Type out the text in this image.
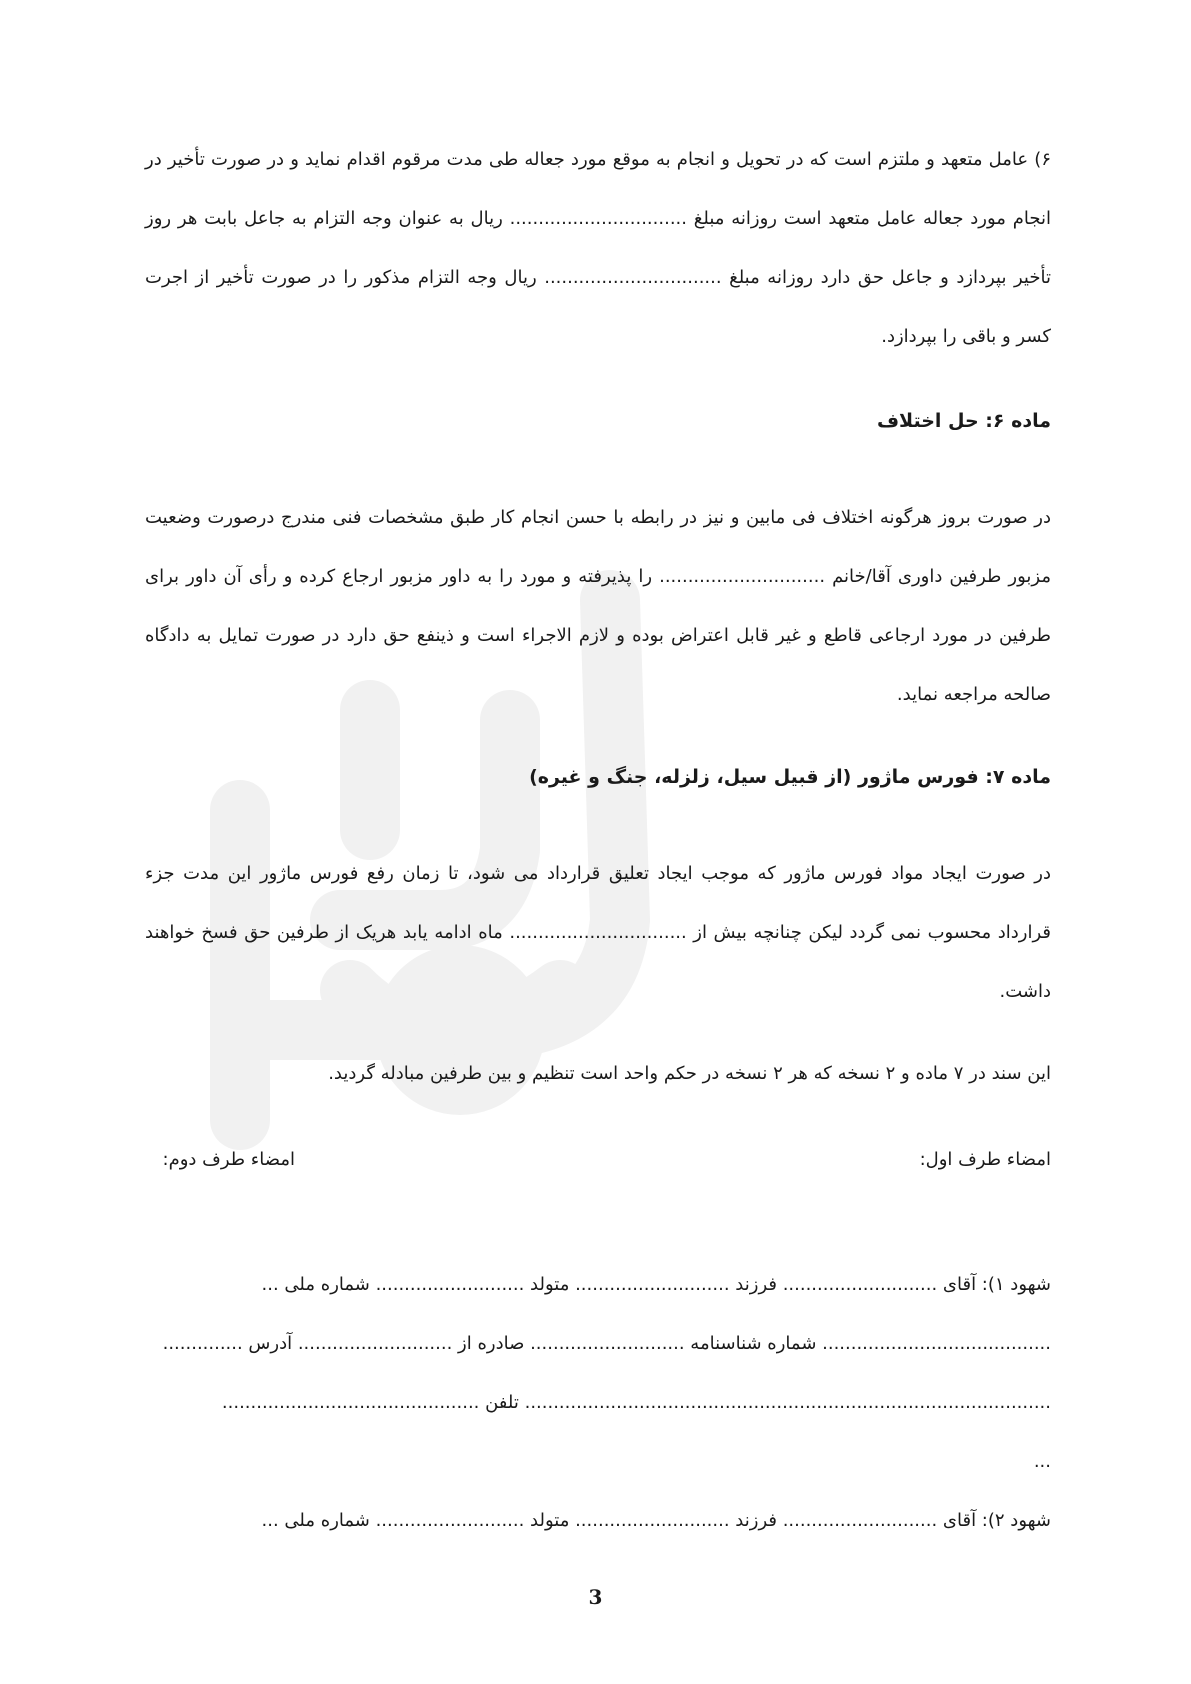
۶) عامل متعهد و ملتزم است که در تحویل و انجام به موقع مورد جعاله طی مدت مرقوم اقدام نماید و در صورت تأخیر در انجام مورد جعاله عامل متعهد است روزانه مبلغ ............................... ریال به عنوان وجه التزام به جاعل بابت هر روز تأخیر بپردازد و جاعل حق دارد روزانه مبلغ ............................... ریال وجه التزام مذکور را در صورت تأخیر از اجرت کسر و باقی را بپردازد.

ماده ۶: حل اختلاف

در صورت بروز هرگونه اختلاف فی مابین و نیز در رابطه با حسن انجام کار طبق مشخصات فنی مندرج درصورت وضعیت مزبور طرفین داوری آقا/خانم ............................. را پذیرفته و مورد را به داور مزبور ارجاع کرده و رأی آن داور برای طرفین در مورد ارجاعی قاطع و غیر قابل اعتراض بوده و لازم الاجراء است و ذینفع حق دارد در صورت تمایل به دادگاه صالحه مراجعه نماید.

ماده ۷: فورس ماژور (از قبیل سیل، زلزله، جنگ و غیره)

در صورت ایجاد مواد فورس ماژور که موجب ایجاد تعلیق قرارداد می شود، تا زمان رفع فورس ماژور این مدت جزء قرارداد محسوب نمی گردد لیکن چنانچه بیش از ............................... ماه ادامه یابد هریک از طرفین حق فسخ خواهند داشت.

این سند در ۷ ماده و ۲ نسخه که هر ۲ نسخه در حکم واحد است تنظیم و بین طرفین مبادله گردید.

امضاء طرف اول:
امضاء طرف دوم:

شهود ۱): آقای ........................... فرزند ........................... متولد .......................... شماره ملی ...

........................................ شماره شناسنامه ........................... صادره از ........................... آدرس ..............

............................................................................................ تلفن .............................................

...

شهود ۲): آقای ........................... فرزند ........................... متولد .......................... شماره ملی ...

3
